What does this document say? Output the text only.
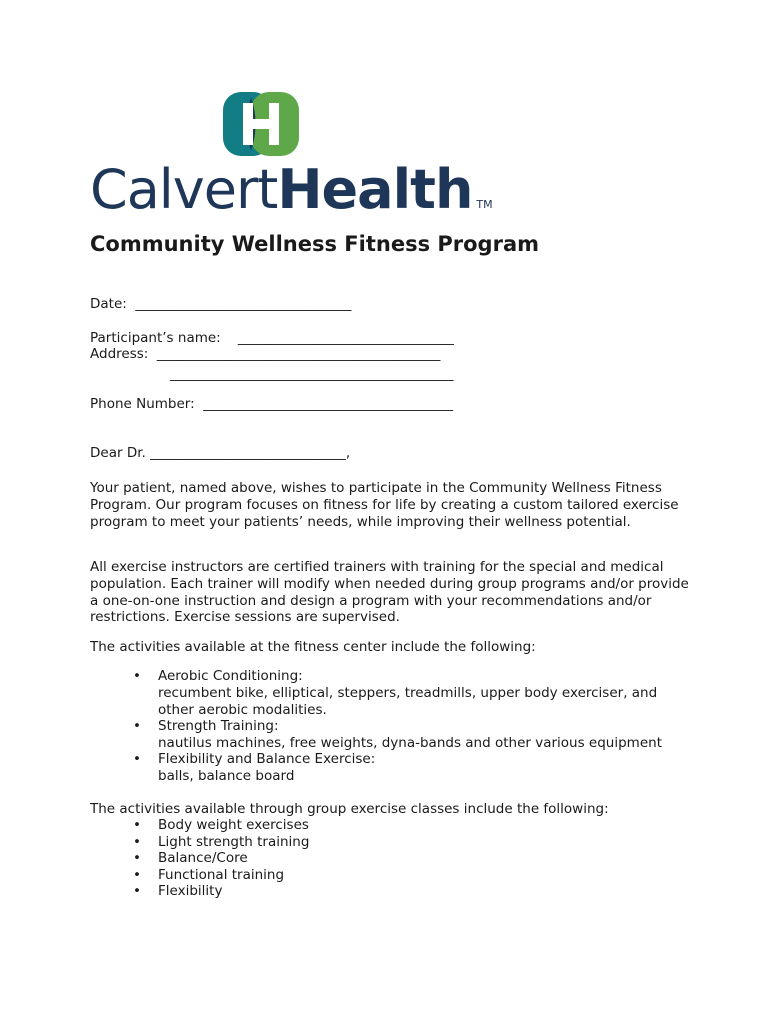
CalvertHealth TM
Community Wellness Fitness Program

Date:  ________________________________

Participant’s name:    ________________________________

Address:  __________________________________________

__________________________________________

Phone Number:  _____________________________________

Dear Dr. _____________________________,

Your patient, named above, wishes to participate in the Community Wellness Fitness Program. Our program focuses on fitness for life by creating a custom tailored exercise program to meet your patients’ needs, while improving their wellness potential.

All exercise instructors are certified trainers with training for the special and medical population. Each trainer will modify when needed during group programs and/or provide a one-on-one instruction and design a program with your recommendations and/or restrictions. Exercise sessions are supervised.

The activities available at the fitness center include the following:

• Aerobic Conditioning:
recumbent bike, elliptical, steppers, treadmills, upper body exerciser, and other aerobic modalities.
• Strength Training:
nautilus machines, free weights, dyna-bands and other various equipment
• Flexibility and Balance Exercise:
balls, balance board

The activities available through group exercise classes include the following:

• Body weight exercises
• Light strength training
• Balance/Core
• Functional training
• Flexibility
